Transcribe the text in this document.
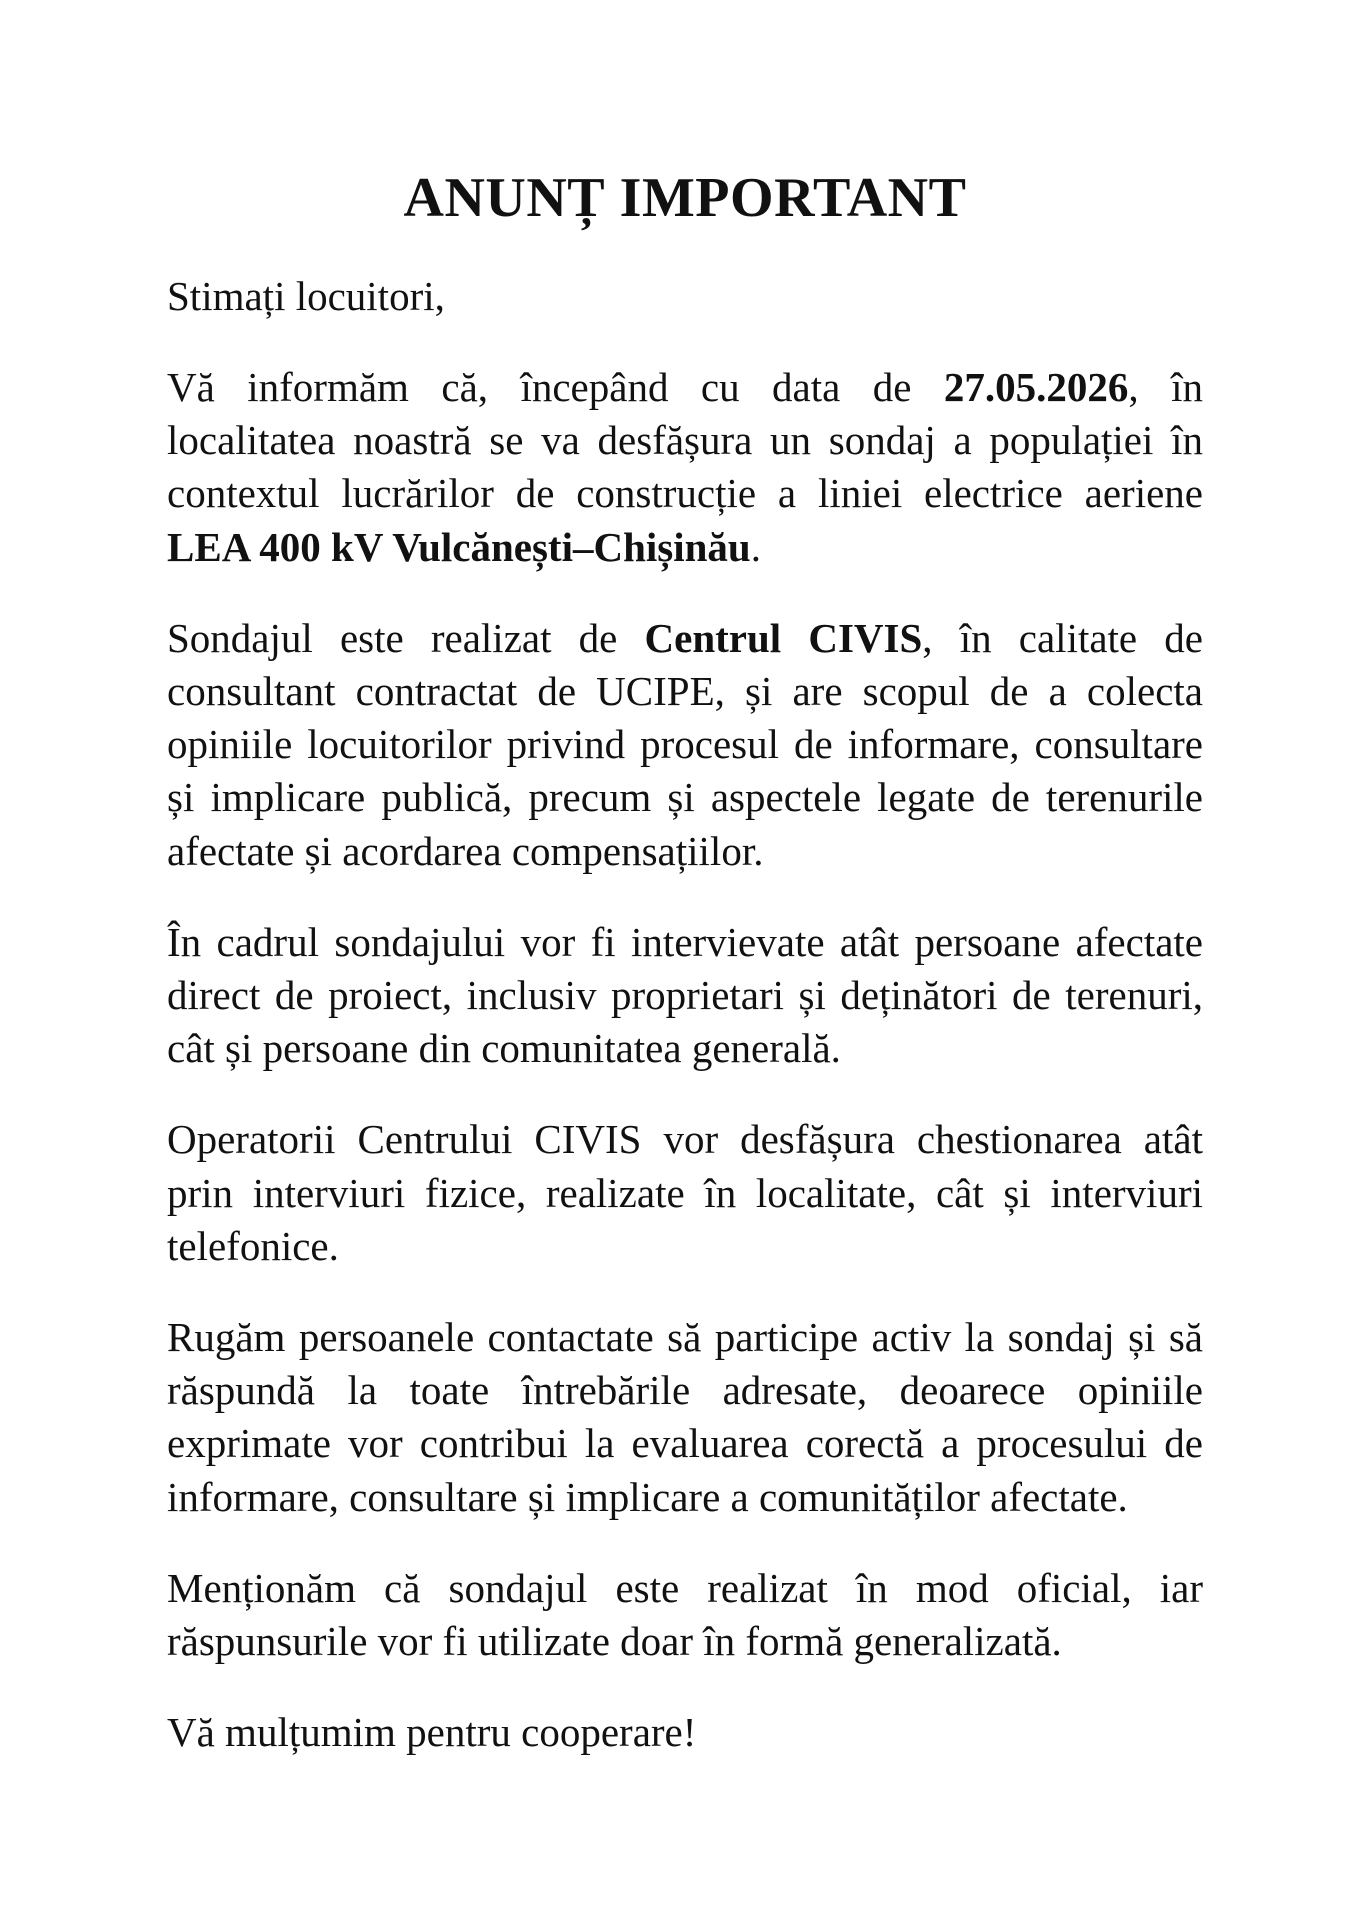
ANUNȚ IMPORTANT

Stimați locuitori,

Vă informăm că, începând cu data de 27.05.2026, în localitatea noastră se va desfășura un sondaj a populației în contextul lucrărilor de construcție a liniei electrice aeriene LEA 400 kV Vulcănești–Chișinău.

Sondajul este realizat de Centrul CIVIS, în calitate de consultant contractat de UCIPE, și are scopul de a colecta opiniile locuitorilor privind procesul de informare, consultare și implicare publică, precum și aspectele legate de terenurile afectate și acordarea compensațiilor.

În cadrul sondajului vor fi intervievate atât persoane afectate direct de proiect, inclusiv proprietari și deținători de terenuri, cât și persoane din comunitatea generală.

Operatorii Centrului CIVIS vor desfășura chestionarea atât prin interviuri fizice, realizate în localitate, cât și interviuri telefonice.

Rugăm persoanele contactate să participe activ la sondaj și să răspundă la toate întrebările adresate, deoarece opiniile exprimate vor contribui la evaluarea corectă a procesului de informare, consultare și implicare a comunităților afectate.

Menționăm că sondajul este realizat în mod oficial, iar răspunsurile vor fi utilizate doar în formă generalizată.

Vă mulțumim pentru cooperare!
